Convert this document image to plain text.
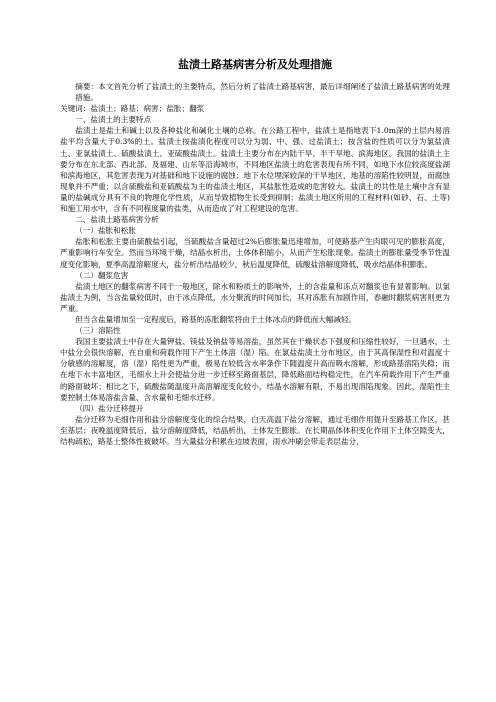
盐渍土路基病害分析及处理措施

摘要：本文首先分析了盐渍土的主要特点，然后分析了盐渍土路基病害，最后详细阐述了盐渍土路基病害的处理措施。

关键词：盐渍土；路基；病害；盐胀；翻浆

一、盐渍土的主要特点

盐渍土是盐土和碱土以及各种盐化和碱化土壤的总称。在公路工程中，盐渍土是指地表下1.0m深的土层内易溶盐平均含量大于0.3%的土。盐渍土按盐渍化程度可以分为弱、中、强、过盐渍土；按含盐的性质可以分为氯盐渍土、亚氯盐渍土、硫酸盐渍土、亚硫酸盐渍土。盐渍土主要分布在内陆干旱、半干旱地、滨海地区。我国的盐渍土主要分布在东北部、西北部、及福建、山东等沿海城市，不同地区盐渍土的危害表现有所不同，如地下水位较高度盐湖和滨海地区，其危害表现为对基础和地下设施的腐蚀；地下水位埋深较深的干旱地区，地基的溶陷性较明显，而腐蚀现象并不严重；以含硫酸盐和亚硫酸盐为主的盐渍土地区，其盐胀性造成的危害较大。盐渍土的共性是土壤中含有显量的盐碱成分具有不良的物理化学性质，从而导致植物生长受到抑制；盐渍土地区所用的工程材料(如砂、石、土等)和施工用水中，含有不同程度量的盐类，从而造成了对工程建设的危害。

二、盐渍土路基病害分析

（一）盐胀和松胀

盐胀和松胀主要由硫酸盐引起，当硫酸盐含量超过2%后膨胀量迅速增加，可使路基产生肉眼可见的膨胀高度，严重影响行车安全。然而当环境干燥，结晶水析出，土体体积缩小，从而产生松胀现象。盐渍土的膨胀量受季节性温度变化影响，夏季高温溶解度大，盐分析出结晶较少，秋后温度降低，硫酸盐溶解度降低，吸水结晶体积膨胀。

（二）翻浆危害

盐渍土地区的翻浆病害不同于一般地区，除水和粉质土的影响外，土的含盐量和冻点对翻浆也有显著影响。以氯盐渍土为例，当含盐量较低时，由于冰点降低，水分聚流的时间加长，其对冻胀有加剧作用，春融时翻浆病害则更为严重。

但当含盐量增加至一定程度后，路基的冻胀翻浆将由于土体冰点的降低而大幅减轻。

（三）溶陷性

我国主要盐渍土中存在大量钾盐、镁盐及钠盐等易溶盐，虽然其在干燥状态下强度和压缩性较好，一旦遇水，土中盐分会很快溶解，在自重和荷载作用下产生土体溶（湿）陷。在氯盐盐渍土分布地区，由于其高保湿性和对温度十分敏感的溶解度，溶（湿）陷性更为严重，极易在较低含水率条件下随温度升高而吸水溶解，形成路基溶陷失稳；而在地下水丰富地区，毛细水上升会使盐分进一步迁移至路面基层，降低路面结构稳定性，在汽车荷载作用下产生严重的路面破坏；相比之下，硫酸盐随温度升高溶解度变化较小，结晶水溶解有限，不易出现溶陷现象。因此，湿陷性主要控制土体易溶盐含量、含水量和毛细水迁移。

（四）盐分迁移提升

盐分迁移为毛细作用和盐分溶解度变化的综合结果，白天高温下盐分溶解，通过毛细作用提升至路基工作区，甚至基层；夜晚温度降低后，盐分溶解度降低，结晶析出，土体发生膨胀。在长期晶体体积变化作用下土体空隙变大，结构疏松，路基土整体性被破坏。当大量盐分积累在边坡表面，雨水冲刷会带走表层盐分，
